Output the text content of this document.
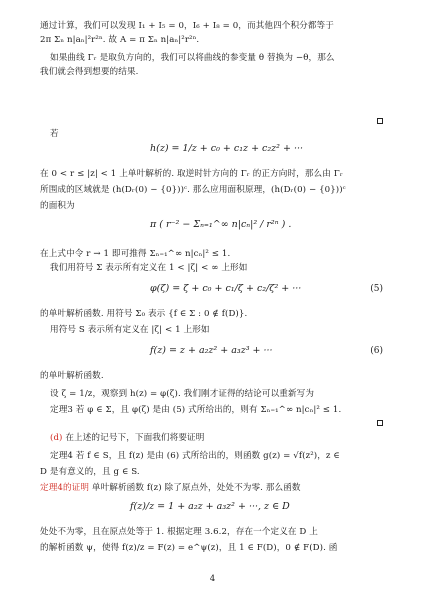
通过计算，我们可以发现 I₁ + I₅ = 0，I₆ + I₈ = 0，而其他四个积分都等于
2π Σₙ n|aₙ|²r²ⁿ. 故 A = π Σₙ n|aₙ|²r²ⁿ.
如果曲线 Γᵣ 是取负方向的，我们可以将曲线的参变量 θ 替换为 −θ，那么
我们就会得到想要的结果.
若
h(z) = 1/z + c₀ + c₁z + c₂z² + ···
在 0 < r ≤ |z| < 1 上单叶解析的. 取逆时针方向的 Γᵣ 的正方向时，那么由 Γᵣ
所围成的区域就是 (h(Dᵣ(0) − {0}))ᶜ. 那么应用面积原理，(h(Dᵣ(0) − {0}))ᶜ
的面积为
π ( r⁻² − Σₙ₌₁^∞ n|cₙ|² / r²ⁿ ) .
在上式中令 r → 1 即可推得 Σₙ₌₁^∞ n|cₙ|² ≤ 1.
我们用符号 Σ 表示所有定义在 1 < |ζ| < ∞ 上形如
φ(ζ) = ζ + c₀ + c₁/ζ + c₂/ζ² + ···	(5)
的单叶解析函数. 用符号 Σ₀ 表示 {f ∈ Σ : 0 ∉ f(D)}.
用符号 S 表示所有定义在 |ζ| < 1 上形如
f(z) = z + a₂z² + a₃z³ + ···	(6)
的单叶解析函数.
设 ζ = 1/z，观察到 h(z) = φ(ζ). 我们刚才证得的结论可以重新写为
定理3 若 φ ∈ Σ，且 φ(ζ) 是由 (5) 式所给出的，则有 Σₙ₌₁^∞ n|cₙ|² ≤ 1.
(d) 在上述的记号下，下面我们将要证明
定理4 若 f ∈ S，且 f(z) 是由 (6) 式所给出的，则函数 g(z) = √f(z²)，z ∈
D 是有意义的，且 g ∈ S.
定理4的证明 单叶解析函数 f(z) 除了原点外，处处不为零. 那么函数
f(z)/z = 1 + a₂z + a₃z² + ···, z ∈ D
处处不为零，且在原点处等于 1. 根据定理 3.6.2，存在一个定义在 D 上
的解析函数 ψ，使得 f(z)/z = F(z) = e^ψ(z)，且 1 ∈ F(D)，0 ∉ F(D). 函
4
